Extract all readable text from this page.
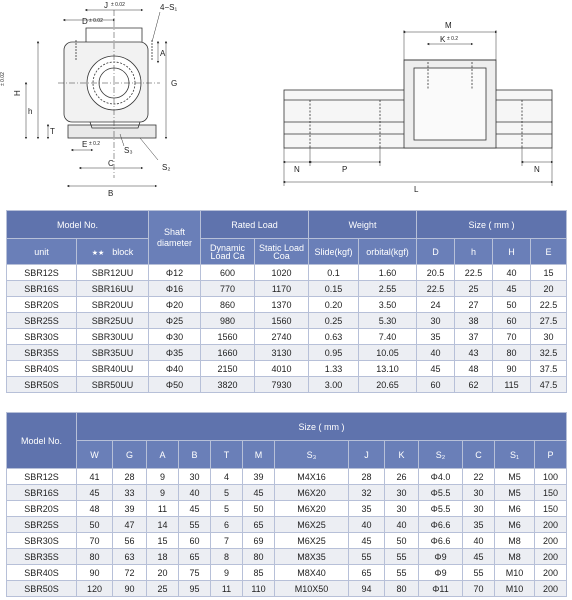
J ± 0.02
D ± 0.02
4−S₁
A
G
H
± 0.02
h
T
E ± 0.2
S₃
C	S₂
B
M
K ± 0.2
N	P	N
L
Model No.		Shaft diameter	Rated Load		Weight		Size ( mm )			
unit	★★ block		Dynamic Load Ca	Static Load Coa	Slide(kgf)	orbital(kgf)	D	h	H	E
SBR12S	SBR12UU	Φ12	600	1020	0.1	1.60	20.5	22.5	40	15
SBR16S	SBR16UU	Φ16	770	1170	0.15	2.55	22.5	25	45	20
SBR20S	SBR20UU	Φ20	860	1370	0.20	3.50	24	27	50	22.5
SBR25S	SBR25UU	Φ25	980	1560	0.25	5.30	30	38	60	27.5
SBR30S	SBR30UU	Φ30	1560	2740	0.63	7.40	35	37	70	30
SBR35S	SBR35UU	Φ35	1660	3130	0.95	10.05	40	43	80	32.5
SBR40S	SBR40UU	Φ40	2150	4010	1.33	13.10	45	48	90	37.5
SBR50S	SBR50UU	Φ50	3820	7930	3.00	20.65	60	62	115	47.5
Model No.	Size ( mm )												
	W	G	A	B	T	M	S₃	J	K	S₂	C	S₁	P
SBR12S	41	28	9	30	4	39	M4X16	28	26	Φ4.0	22	M5	100
SBR16S	45	33	9	40	5	45	M6X20	32	30	Φ5.5	30	M5	150
SBR20S	48	39	11	45	5	50	M6X20	35	30	Φ5.5	30	M6	150
SBR25S	50	47	14	55	6	65	M6X25	40	40	Φ6.6	35	M6	200
SBR30S	70	56	15	60	7	69	M6X25	45	50	Φ6.6	40	M8	200
SBR35S	80	63	18	65	8	80	M8X35	55	55	Φ9	45	M8	200
SBR40S	90	72	20	75	9	85	M8X40	65	55	Φ9	55	M10	200
SBR50S	120	90	25	95	11	110	M10X50	94	80	Φ11	70	M10	200
